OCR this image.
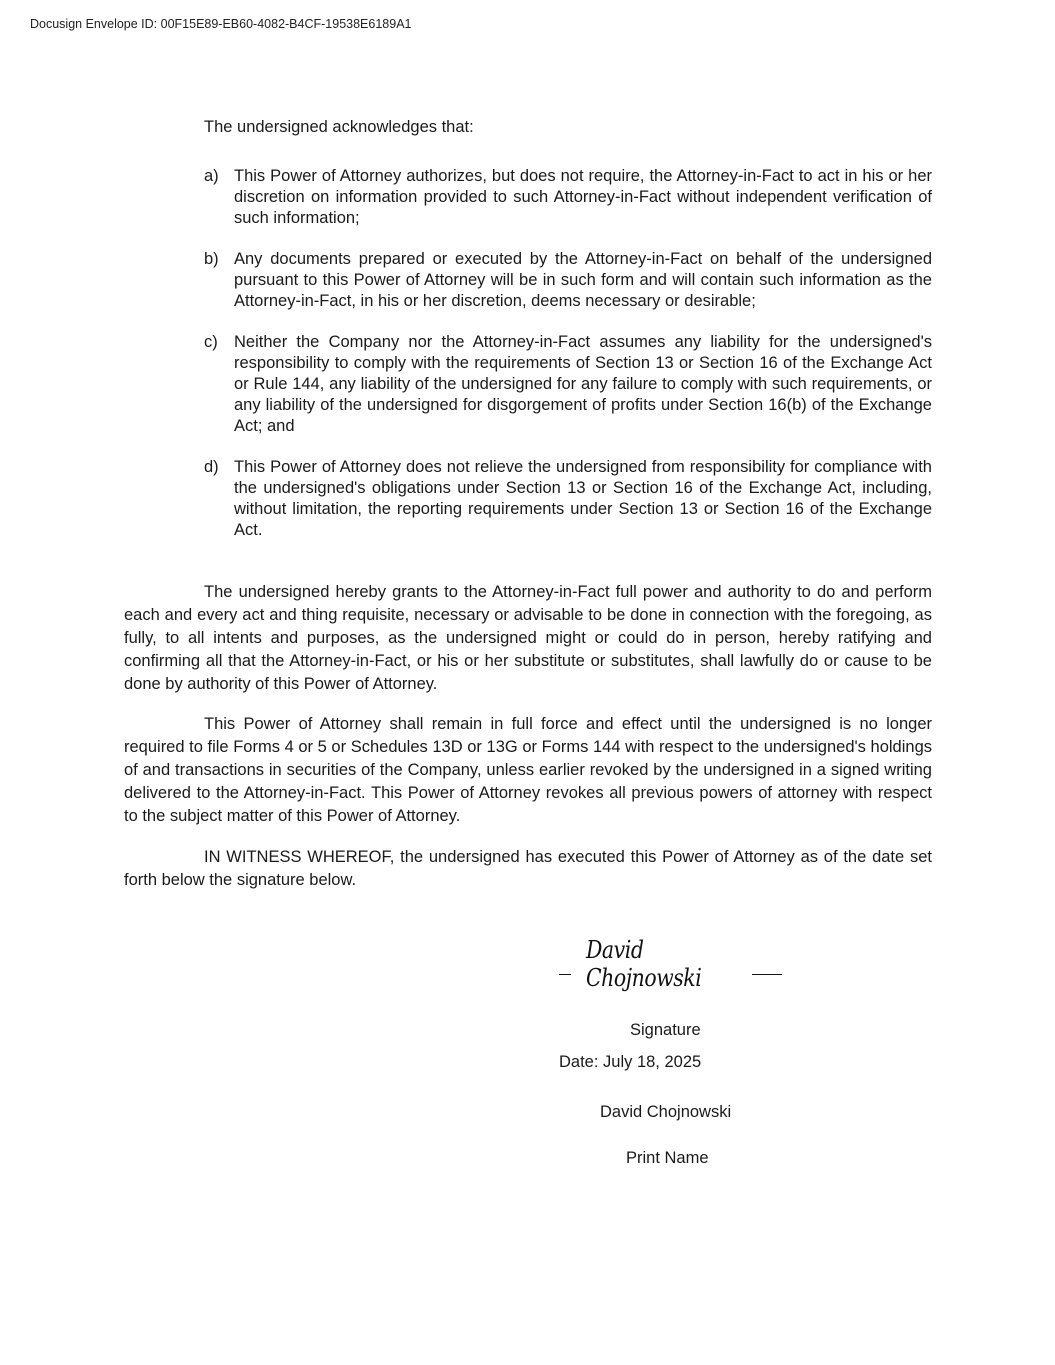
Docusign Envelope ID: 00F15E89-EB60-4082-B4CF-19538E6189A1
The undersigned acknowledges that:
a) This Power of Attorney authorizes, but does not require, the Attorney-in-Fact to act in his or her discretion on information provided to such Attorney-in-Fact without independent verification of such information;
b) Any documents prepared or executed by the Attorney-in-Fact on behalf of the undersigned pursuant to this Power of Attorney will be in such form and will contain such information as the Attorney-in-Fact, in his or her discretion, deems necessary or desirable;
c) Neither the Company nor the Attorney-in-Fact assumes any liability for the undersigned's responsibility to comply with the requirements of Section 13 or Section 16 of the Exchange Act or Rule 144, any liability of the undersigned for any failure to comply with such requirements, or any liability of the undersigned for disgorgement of profits under Section 16(b) of the Exchange Act; and
d) This Power of Attorney does not relieve the undersigned from responsibility for compliance with the undersigned's obligations under Section 13 or Section 16 of the Exchange Act, including, without limitation, the reporting requirements under Section 13 or Section 16 of the Exchange Act.
The undersigned hereby grants to the Attorney-in-Fact full power and authority to do and perform each and every act and thing requisite, necessary or advisable to be done in connection with the foregoing, as fully, to all intents and purposes, as the undersigned might or could do in person, hereby ratifying and confirming all that the Attorney-in-Fact, or his or her substitute or substitutes, shall lawfully do or cause to be done by authority of this Power of Attorney.
This Power of Attorney shall remain in full force and effect until the undersigned is no longer required to file Forms 4 or 5 or Schedules 13D or 13G or Forms 144 with respect to the undersigned's holdings of and transactions in securities of the Company, unless earlier revoked by the undersigned in a signed writing delivered to the Attorney-in-Fact. This Power of Attorney revokes all previous powers of attorney with respect to the subject matter of this Power of Attorney.
IN WITNESS WHEREOF, the undersigned has executed this Power of Attorney as of the date set forth below the signature below.
David Chojnowski
Signature
Date: July 18, 2025
David Chojnowski
Print Name
